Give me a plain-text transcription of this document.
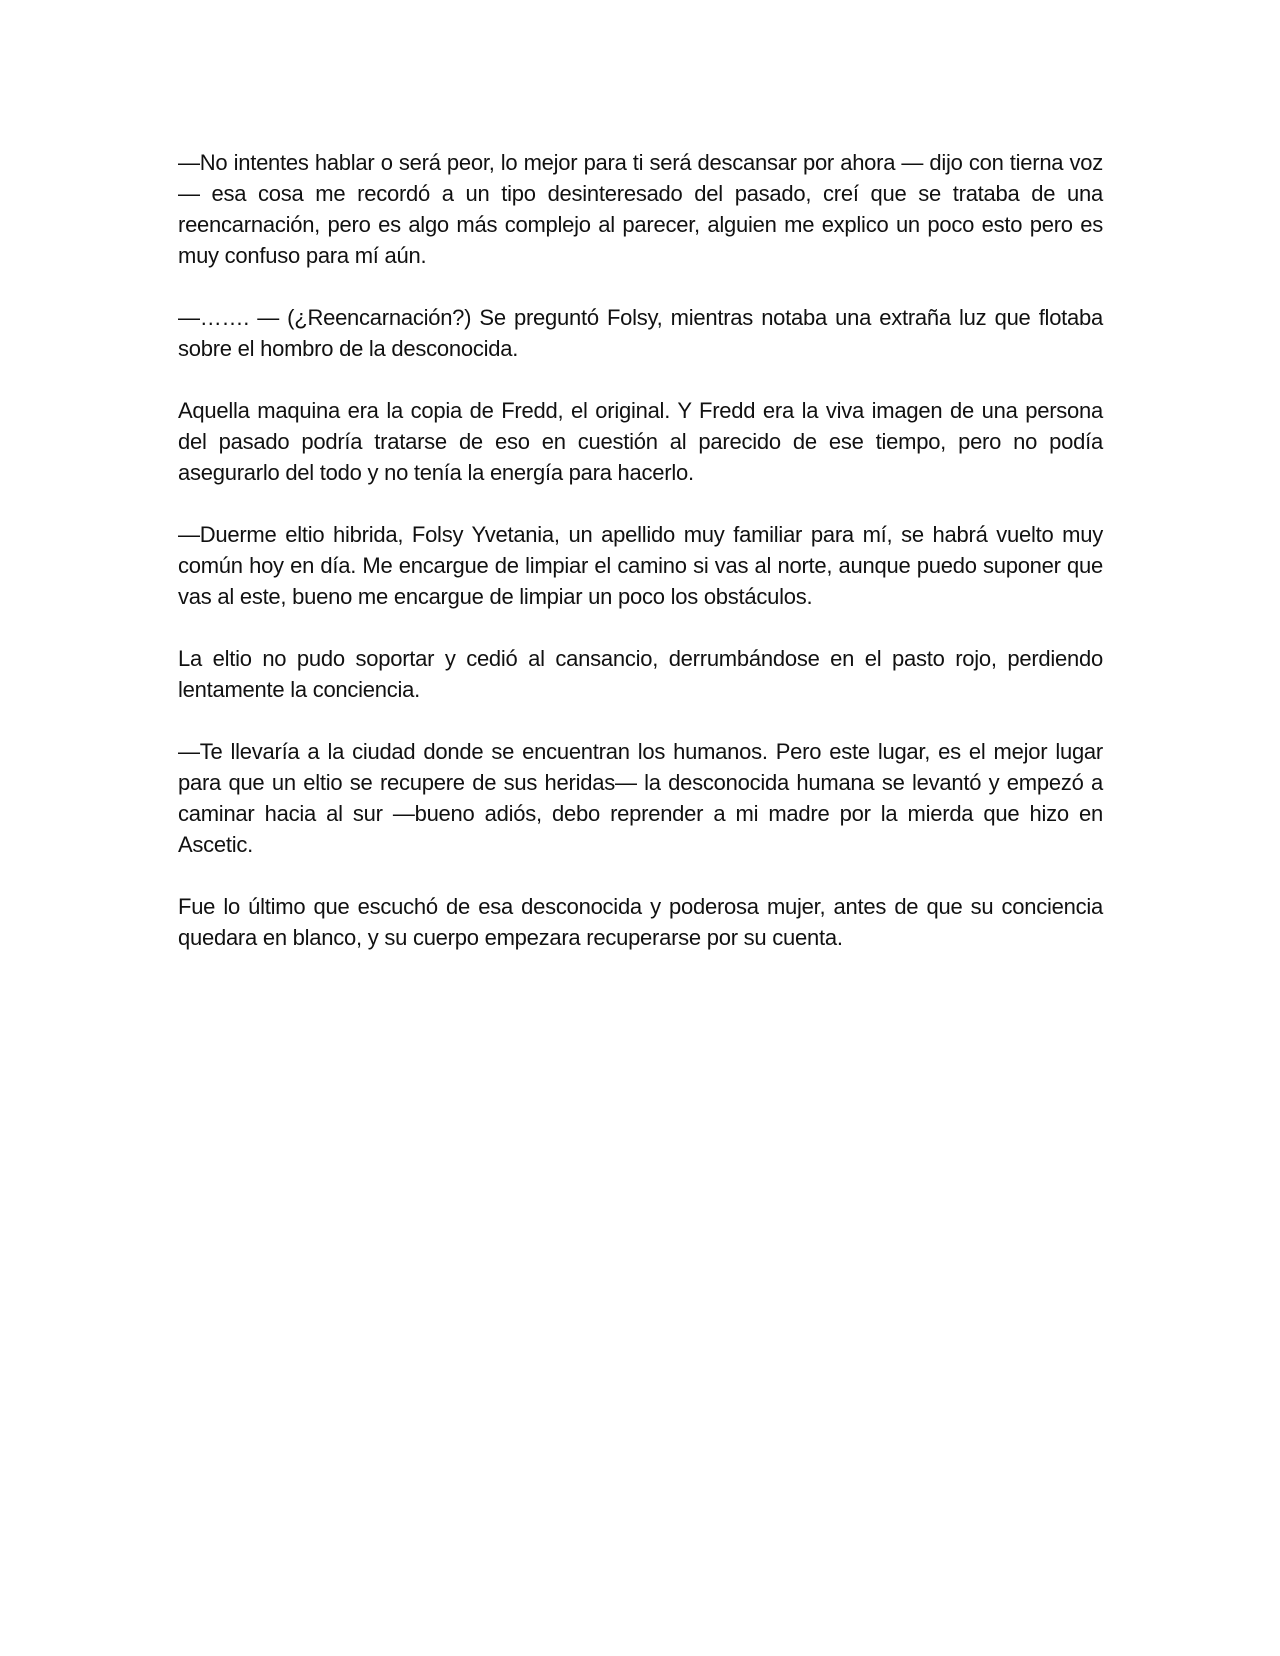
—No intentes hablar o será peor, lo mejor para ti será descansar por ahora — dijo con tierna voz — esa cosa me recordó a un tipo desinteresado del pasado, creí que se trataba de una reencarnación, pero es algo más complejo al parecer, alguien me explico un poco esto pero es muy confuso para mí aún.

—……. — (¿Reencarnación?) Se preguntó Folsy, mientras notaba una extraña luz que flotaba sobre el hombro de la desconocida.

Aquella maquina era la copia de Fredd, el original. Y Fredd era la viva imagen de una persona del pasado podría tratarse de eso en cuestión al parecido de ese tiempo, pero no podía asegurarlo del todo y no tenía la energía para hacerlo.

—Duerme eltio hibrida, Folsy Yvetania, un apellido muy familiar para mí, se habrá vuelto muy común hoy en día. Me encargue de limpiar el camino si vas al norte, aunque puedo suponer que vas al este, bueno me encargue de limpiar un poco los obstáculos.

La eltio no pudo soportar y cedió al cansancio, derrumbándose en el pasto rojo, perdiendo lentamente la conciencia.

—Te llevaría a la ciudad donde se encuentran los humanos. Pero este lugar, es el mejor lugar para que un eltio se recupere de sus heridas— la desconocida humana se levantó y empezó a caminar hacia al sur —bueno adiós, debo reprender a mi madre por la mierda que hizo en Ascetic.

Fue lo último que escuchó de esa desconocida y poderosa mujer, antes de que su conciencia quedara en blanco, y su cuerpo empezara recuperarse por su cuenta.
